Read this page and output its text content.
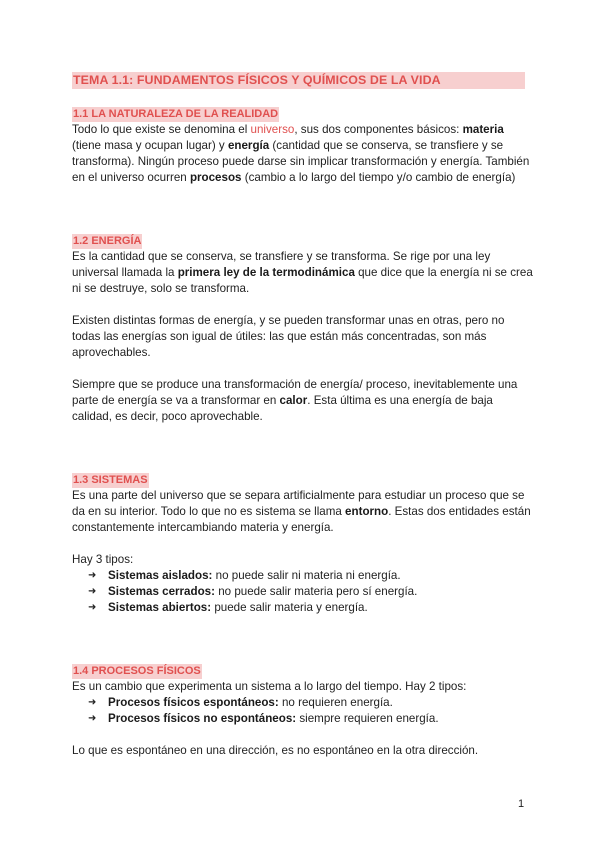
TEMA 1.1: FUNDAMENTOS FÍSICOS Y QUÍMICOS DE LA VIDA
1.1 LA NATURALEZA DE LA REALIDAD

Todo lo que existe se denomina el universo, sus dos componentes básicos: materia (tiene masa y ocupan lugar) y energía (cantidad que se conserva, se transfiere y se transforma). Ningún proceso puede darse sin implicar transformación y energía. También en el universo ocurren procesos (cambio a lo largo del tiempo y/o cambio de energía)

1.2 ENERGÍA

Es la cantidad que se conserva, se transfiere y se transforma. Se rige por una ley universal llamada la primera ley de la termodinámica que dice que la energía ni se crea ni se destruye, solo se transforma.

Existen distintas formas de energía, y se pueden transformar unas en otras, pero no todas las energías son igual de útiles: las que están más concentradas, son más aprovechables.

Siempre que se produce una transformación de energía/ proceso, inevitablemente una parte de energía se va a transformar en calor. Esta última es una energía de baja calidad, es decir, poco aprovechable.

1.3 SISTEMAS

Es una parte del universo que se separa artificialmente para estudiar un proceso que se da en su interior. Todo lo que no es sistema se llama entorno. Estas dos entidades están constantemente intercambiando materia y energía.

Hay 3 tipos:

➜ Sistemas aislados: no puede salir ni materia ni energía.
➜ Sistemas cerrados: no puede salir materia pero sí energía.
➜ Sistemas abiertos: puede salir materia y energía.
1.4 PROCESOS FÍSICOS

Es un cambio que experimenta un sistema a lo largo del tiempo. Hay 2 tipos:

➜ Procesos físicos espontáneos: no requieren energía.
➜ Procesos físicos no espontáneos: siempre requieren energía.

Lo que es espontáneo en una dirección, es no espontáneo en la otra dirección.

1
